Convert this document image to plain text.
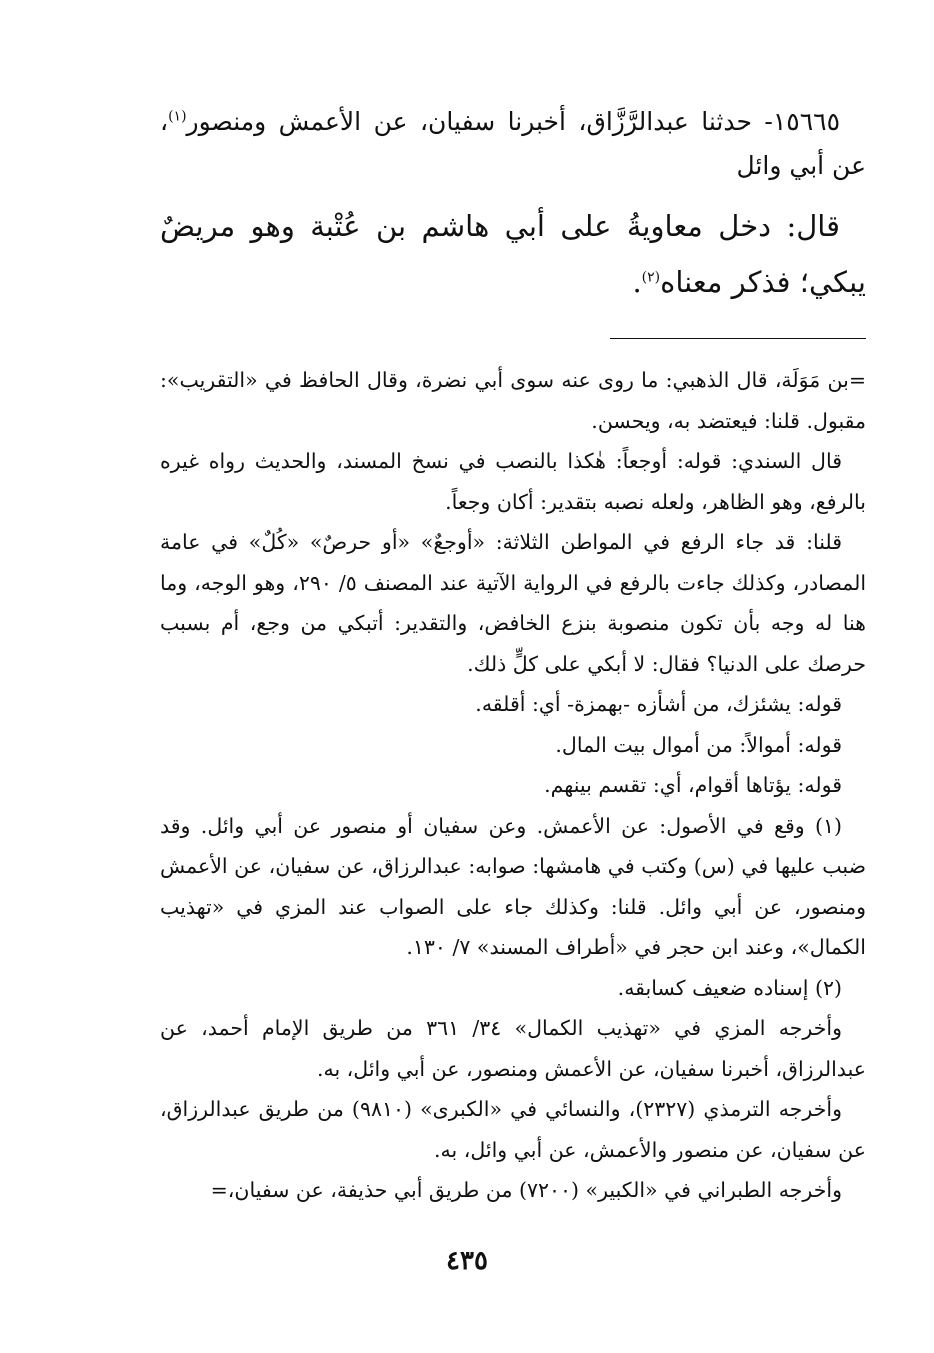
١٥٦٦٥- حدثنا عبدالرَّزَّاق، أخبرنا سفيان، عن الأعمش ومنصور$^{(١)}$، عن أبي وائل

قال: دخل معاويةُ على أبي هاشم بن عُتْبة وهو مريضٌ يبكي؛ فذكر معناه$^{(٢)}$.

=بن مَوَلَة، قال الذهبي: ما روى عنه سوى أبي نضرة، وقال الحافظ في «التقريب»: مقبول. قلنا: فيعتضد به، ويحسن.

قال السندي: قوله: أوجعاً: هٰكذا بالنصب في نسخ المسند، والحديث رواه غيره بالرفع، وهو الظاهر، ولعله نصبه بتقدير: أكان وجعاً.

قلنا: قد جاء الرفع في المواطن الثلاثة: «أوجعٌ» «أو حرصٌ» «كُلٌ» في عامة المصادر، وكذلك جاءت بالرفع في الرواية الآتية عند المصنف ٥/ ٢٩٠، وهو الوجه، وما هنا له وجه بأن تكون منصوبة بنزع الخافض، والتقدير: أتبكي من وجع، أم بسبب حرصك على الدنيا؟ فقال: لا أبكي على كلٍّ ذلك.

قوله: يشئزك، من أشأزه -بهمزة- أي: أقلقه.

قوله: أموالاً: من أموال بيت المال.

قوله: يؤتاها أقوام، أي: تقسم بينهم.

(١) وقع في الأصول: عن الأعمش. وعن سفيان أو منصور عن أبي وائل. وقد ضبب عليها في (س) وكتب في هامشها: صوابه: عبدالرزاق، عن سفيان، عن الأعمش ومنصور، عن أبي وائل. قلنا: وكذلك جاء على الصواب عند المزي في «تهذيب الكمال»، وعند ابن حجر في «أطراف المسند» ٧/ ١٣٠.

(٢) إسناده ضعيف كسابقه.

وأخرجه المزي في «تهذيب الكمال» ٣٤/ ٣٦١ من طريق الإمام أحمد، عن عبدالرزاق، أخبرنا سفيان، عن الأعمش ومنصور، عن أبي وائل، به.

وأخرجه الترمذي (٢٣٢٧)، والنسائي في «الكبرى» (٩٨١٠) من طريق عبدالرزاق، عن سفيان، عن منصور والأعمش، عن أبي وائل، به.

وأخرجه الطبراني في «الكبير» (٧٢٠٠) من طريق أبي حذيفة، عن سفيان،=

٤٣٥
